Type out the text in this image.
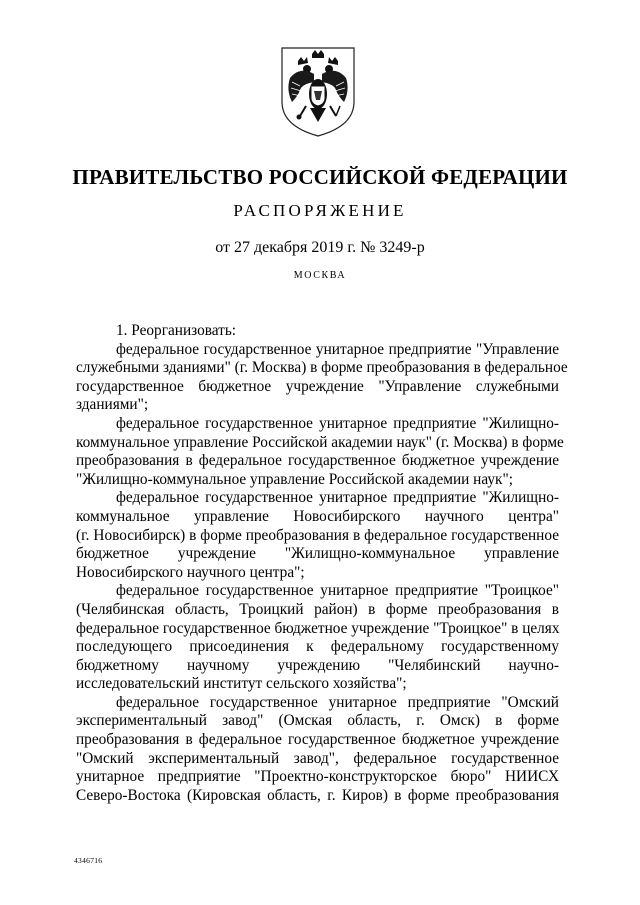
ПРАВИТЕЛЬСТВО РОССИЙСКОЙ ФЕДЕРАЦИИ
РАСПОРЯЖЕНИЕ
от 27 декабря 2019 г. № 3249-р
МОСКВА
1. Реорганизовать:
федеральное государственное унитарное предприятие "Управление
служебными зданиями" (г. Москва) в форме преобразования в федеральное
государственное бюджетное учреждение "Управление служебными
зданиями";
федеральное государственное унитарное предприятие "Жилищно-
коммунальное управление Российской академии наук" (г. Москва) в форме
преобразования в федеральное государственное бюджетное учреждение
"Жилищно-коммунальное управление Российской академии наук";
федеральное государственное унитарное предприятие "Жилищно-
коммунальное управление Новосибирского научного центра"
(г. Новосибирск) в форме преобразования в федеральное государственное
бюджетное учреждение "Жилищно-коммунальное управление
Новосибирского научного центра";
федеральное государственное унитарное предприятие "Троицкое"
(Челябинская область, Троицкий район) в форме преобразования в
федеральное государственное бюджетное учреждение "Троицкое" в целях
последующего присоединения к федеральному государственному
бюджетному научному учреждению "Челябинский научно-
исследовательский институт сельского хозяйства";
федеральное государственное унитарное предприятие "Омский
экспериментальный завод" (Омская область, г. Омск) в форме
преобразования в федеральное государственное бюджетное учреждение
"Омский экспериментальный завод", федеральное государственное
унитарное предприятие "Проектно-конструкторское бюро" НИИСХ
Северо-Востока (Кировская область, г. Киров) в форме преобразования
4346716
